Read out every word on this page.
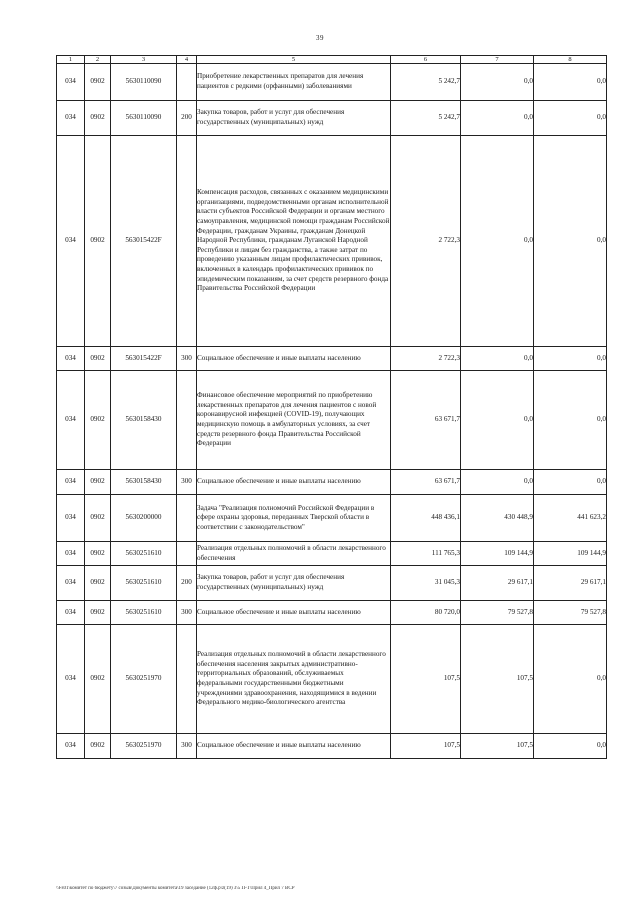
39
1	2	3	4	5	6	7	8
034	0902	5630110090		Приобретение лекарственных препаратов для лечения пациентов с редкими (орфанными) заболеваниями	5 242,7	0,0	0,0
034	0902	5630110090	200	Закупка товаров, работ и услуг для обеспечения государственных (муниципальных) нужд	5 242,7	0,0	0,0
034	0902	563015422F		Компенсация расходов, связанных с оказанием медицинскими организациями, подведомственными органам исполнительной власти субъектов Российской Федерации и органам местного самоуправления, медицинской помощи гражданам Российской Федерации, гражданам Украины, гражданам Донецкой Народной Республики, гражданам Луганской Народной Республики и лицам без гражданства, а также затрат по проведению указанным лицам профилактических прививок, включенных в календарь профилактических прививок по эпидемическим показаниям, за счет средств резервного фонда Правительства Российской Федерации	2 722,3	0,0	0,0
034	0902	563015422F	300	Социальное обеспечение и иные выплаты населению	2 722,3	0,0	0,0
034	0902	5630158430		Финансовое обеспечение мероприятий по приобретению лекарственных препаратов для лечения пациентов с новой коронавирусной инфекцией (COVID-19), получающих медицинскую помощь в амбулаторных условиях, за счет средств резервного фонда Правительства Российской Федерации	63 671,7	0,0	0,0
034	0902	5630158430	300	Социальное обеспечение и иные выплаты населению	63 671,7	0,0	0,0
034	0902	5630200000		Задача "Реализация полномочий Российской Федерации в сфере охраны здоровья, переданных Тверской области в соответствии с законодательством"	448 436,1	430 448,9	441 623,2
034	0902	5630251610		Реализация отдельных полномочий в области лекарственного обеспечения	111 765,3	109 144,9	109 144,9
034	0902	5630251610	200	Закупка товаров, работ и услуг для обеспечения государственных (муниципальных) нужд	31 045,3	29 617,1	29 617,1
034	0902	5630251610	300	Социальное обеспечение и иные выплаты населению	80 720,0	79 527,8	79 527,8
034	0902	5630251970		Реализация отдельных полномочий в области лекарственного обеспечения населения закрытых административно-территориальных образований, обслуживаемых федеральными государственными бюджетными учреждениями здравоохранения, находящимися в ведении Федерального медико-биологического агентства	107,5	107,5	0,0
034	0902	5630251970	300	Социальное обеспечение и иные выплаты населению	107,5	107,5	0,0
\\Fs01\комитет по бюджету\7 созыв\Документы комитета\19 заседание (12ф.р\z(19) 3\5 П-Т\Прил 4_Прил 7 ВСР
